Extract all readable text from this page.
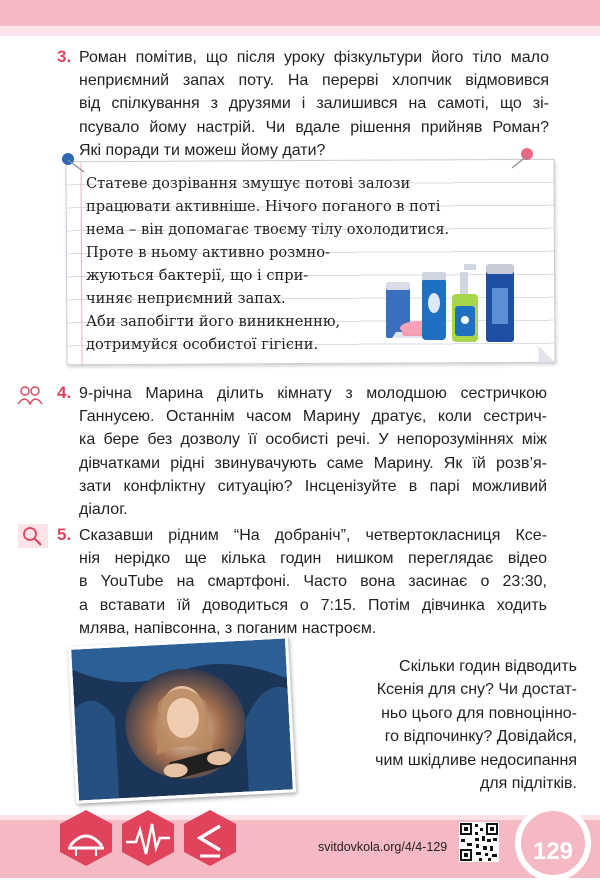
3. Роман помітив, що після уроку фізкультури його тіло мало
неприємний запах поту. На перерві хлопчик відмовився
від спілкування з друзями і залишився на самоті, що зі-
псувало йому настрій. Чи вдале рішення прийняв Роман?
Які поради ти можеш йому дати?
Статеве дозрівання змушує потові залози
працювати активніше. Нічого поганого в поті
нема – він допомагає твоєму тілу охолодитися.
Проте в ньому активно розмно-
жуються бактерії, що і спри-
чиняє неприємний запах.
Аби запобігти його виникненню,
дотримуйся особистої гігієни.
4. 9-річна Марина ділить кімнату з молодшою сестричкою
Ганнусею. Останнім часом Марину дратує, коли сестрич-
ка бере без дозволу її особисті речі. У непорозуміннях між
дівчатками рідні звинувачують саме Марину. Як їй розв’я-
зати конфліктну ситуацію? Інсценізуйте в парі можливий
діалог.
5. Сказавши рідним “На добраніч”, четвертокласниця Ксе-
нія нерідко ще кілька годин нишком переглядає відео
в YouTube на смартфоні. Часто вона засинає о 23:30,
а вставати їй доводиться о 7:15. Потім дівчинка ходить
млява, напівсонна, з поганим настроєм.
Скільки годин відводить
Ксенія для сну? Чи достат-
ньо цього для повноцінно-
го відпочинку? Довідайся,
чим шкідливе недосипання
для підлітків.
svitdovkola.org/4/4-129	129
